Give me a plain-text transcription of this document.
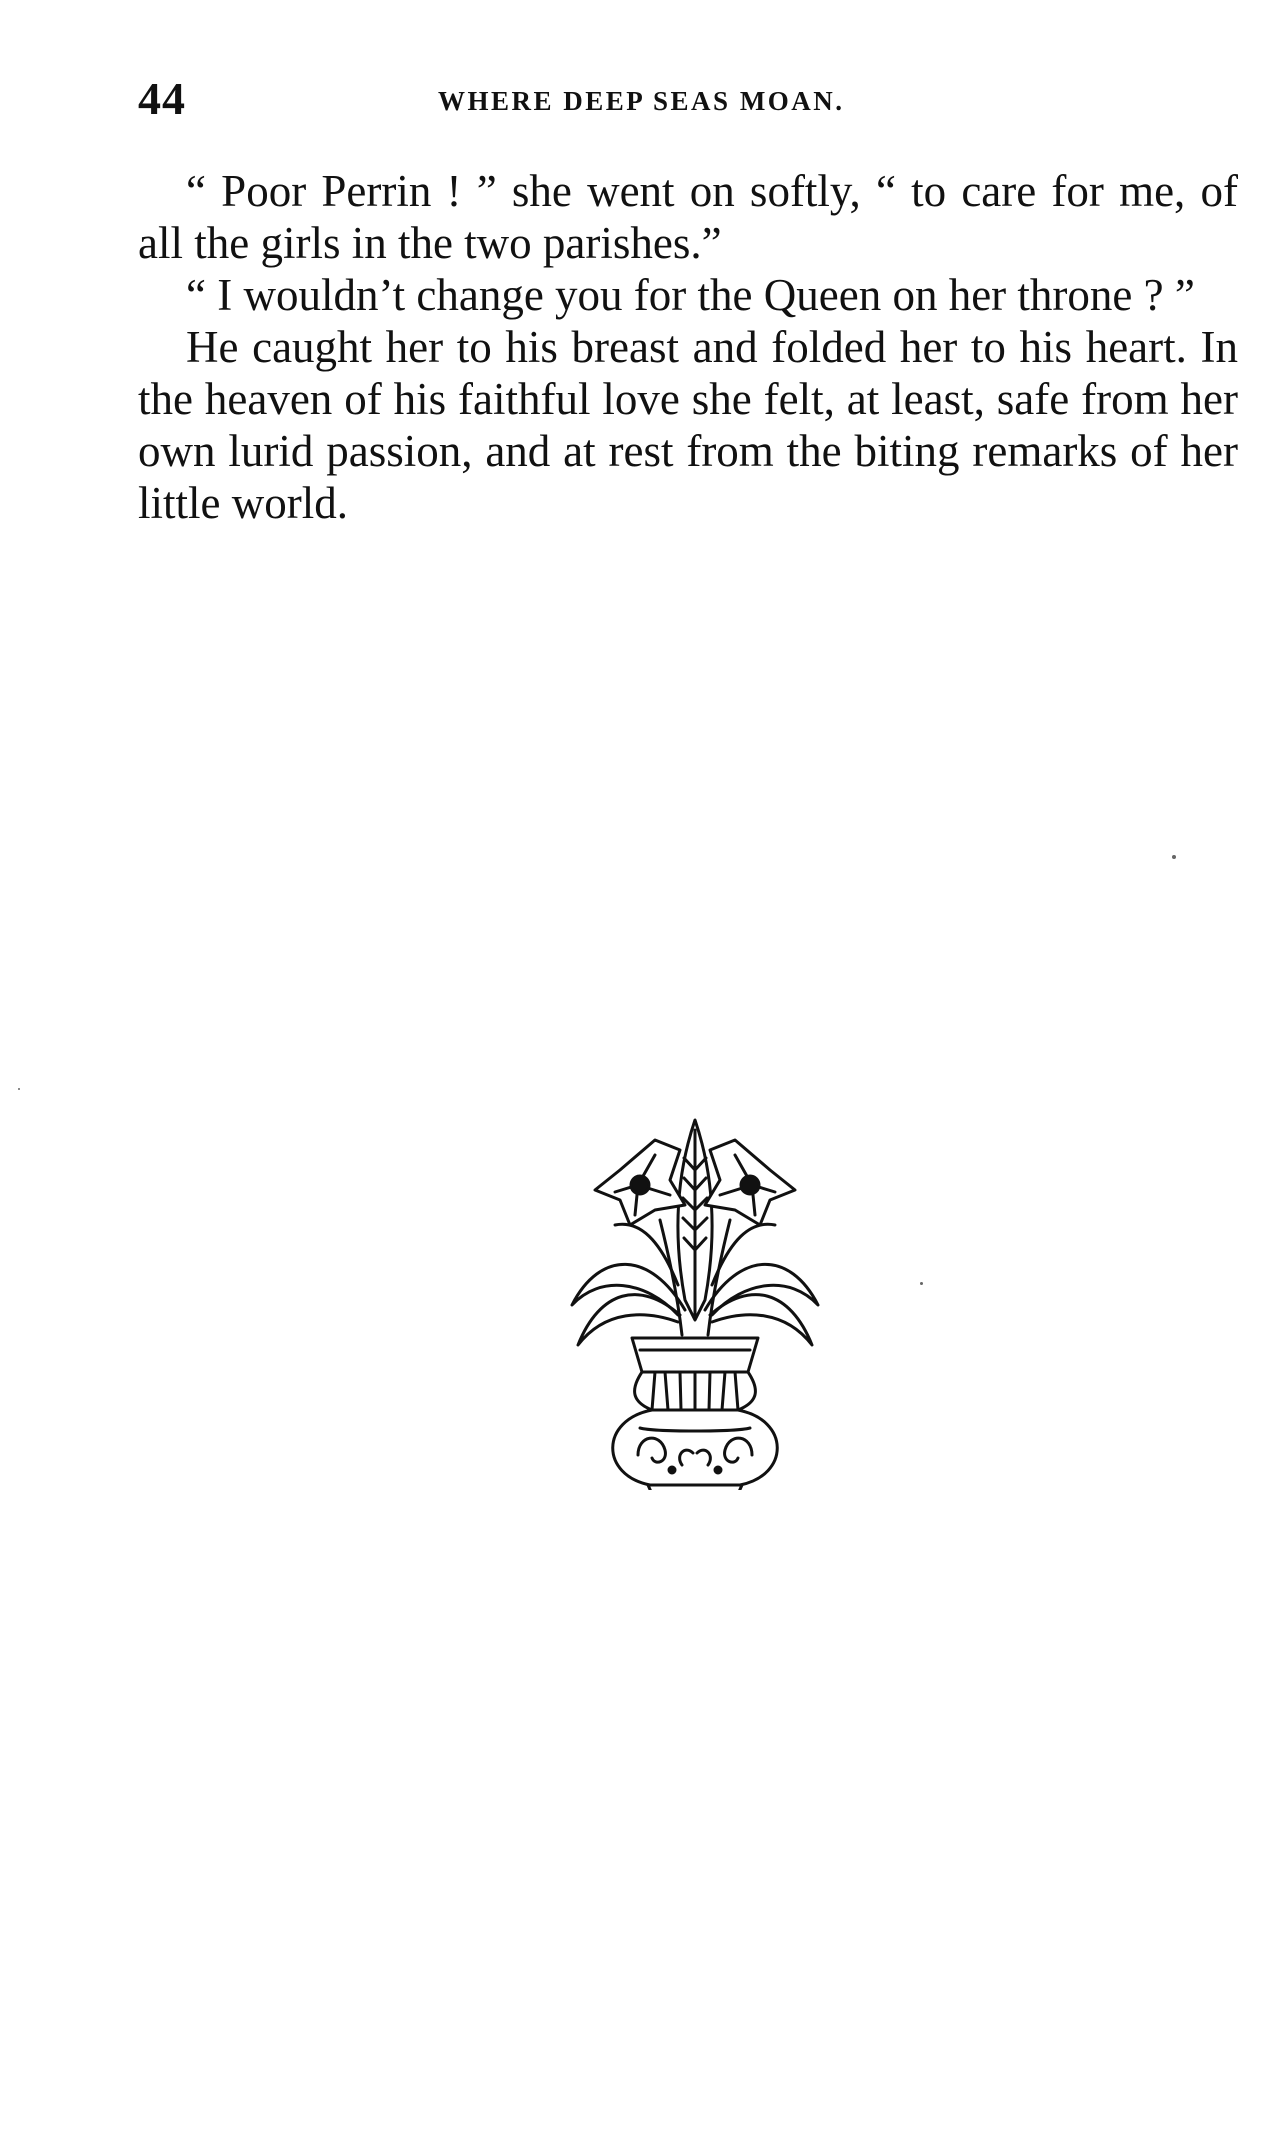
44	WHERE DEEP SEAS MOAN.

“ Poor Perrin ! ” she went on softly, “ to care for me, of all the girls in the two parishes.”

“ I wouldn’t change you for the Queen on her throne ? ”

He caught her to his breast and folded her to his heart. In the heaven of his faithful love she felt, at least, safe from her own lurid passion, and at rest from the biting remarks of her little world.
